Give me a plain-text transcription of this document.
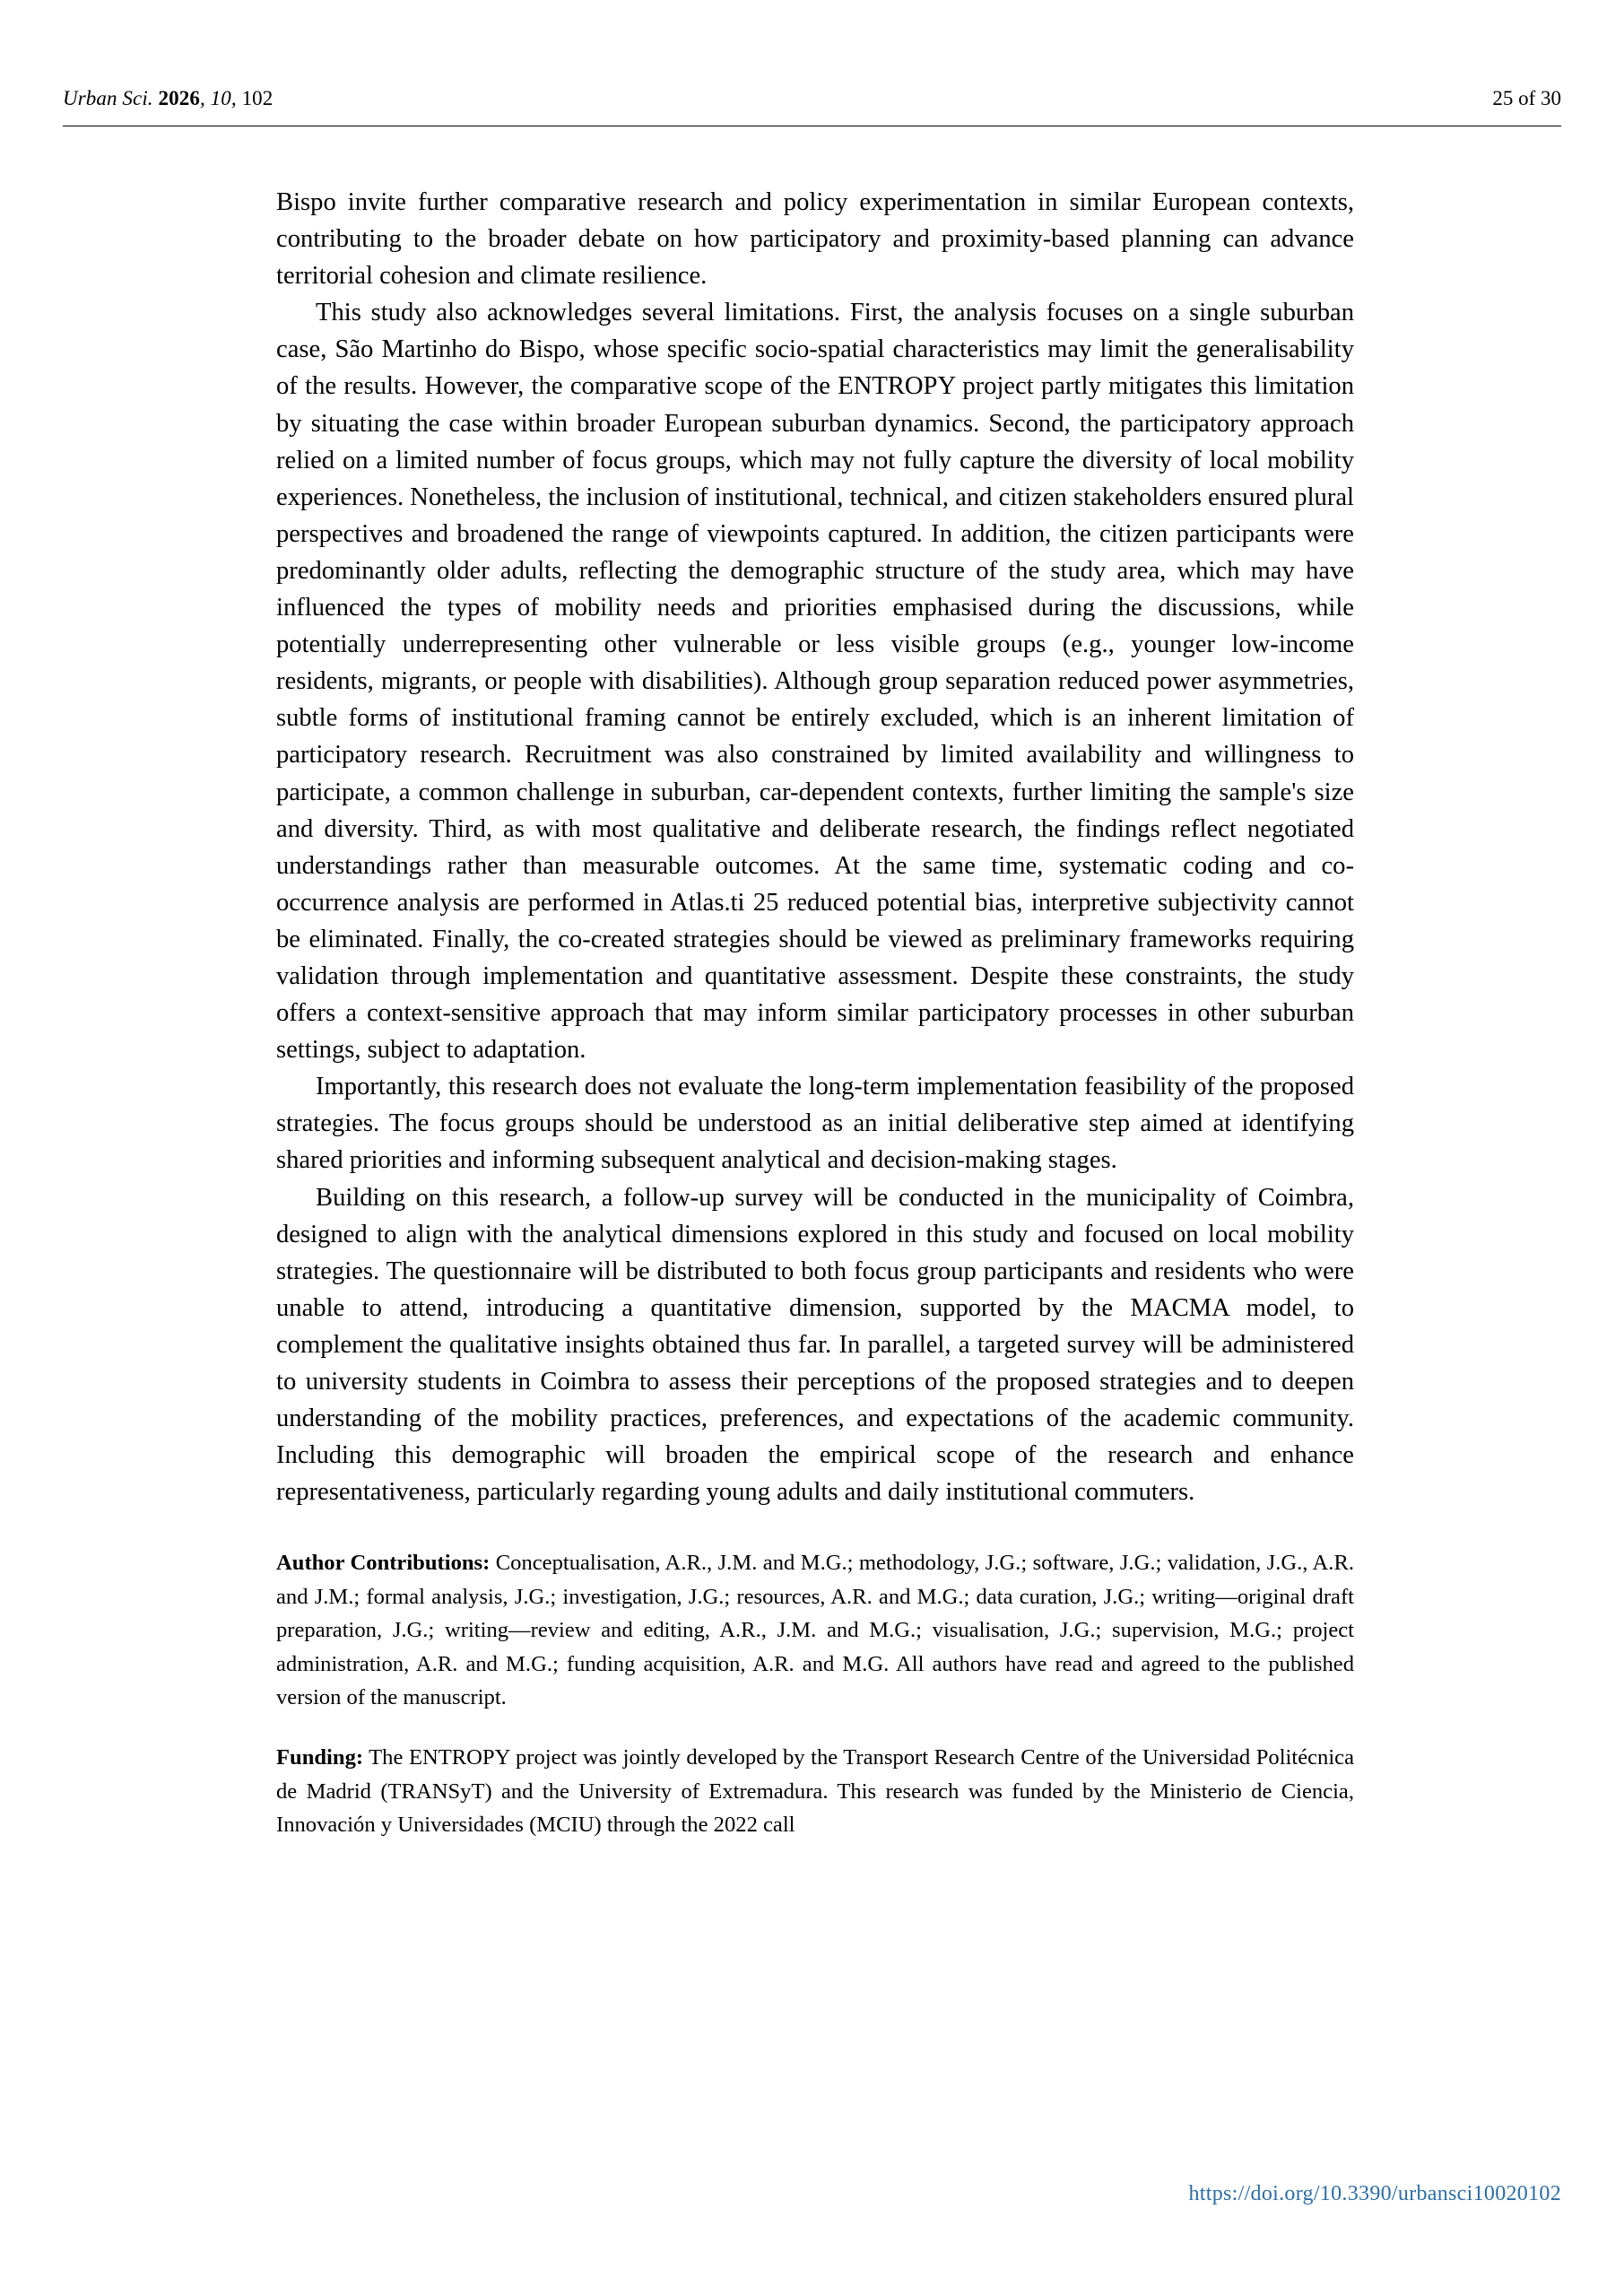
Urban Sci. 2026, 10, 102	25 of 30

Bispo invite further comparative research and policy experimentation in similar European contexts, contributing to the broader debate on how participatory and proximity-based planning can advance territorial cohesion and climate resilience.

This study also acknowledges several limitations. First, the analysis focuses on a single suburban case, São Martinho do Bispo, whose specific socio-spatial characteristics may limit the generalisability of the results. However, the comparative scope of the ENTROPY project partly mitigates this limitation by situating the case within broader European suburban dynamics. Second, the participatory approach relied on a limited number of focus groups, which may not fully capture the diversity of local mobility experiences. Nonetheless, the inclusion of institutional, technical, and citizen stakeholders ensured plural perspectives and broadened the range of viewpoints captured. In addition, the citizen participants were predominantly older adults, reflecting the demographic structure of the study area, which may have influenced the types of mobility needs and priorities emphasised during the discussions, while potentially underrepresenting other vulnerable or less visible groups (e.g., younger low-income residents, migrants, or people with disabilities). Although group separation reduced power asymmetries, subtle forms of institutional framing cannot be entirely excluded, which is an inherent limitation of participatory research. Recruitment was also constrained by limited availability and willingness to participate, a common challenge in suburban, car-dependent contexts, further limiting the sample's size and diversity. Third, as with most qualitative and deliberate research, the findings reflect negotiated understandings rather than measurable outcomes. At the same time, systematic coding and co-occurrence analysis are performed in Atlas.ti 25 reduced potential bias, interpretive subjectivity cannot be eliminated. Finally, the co-created strategies should be viewed as preliminary frameworks requiring validation through implementation and quantitative assessment. Despite these constraints, the study offers a context-sensitive approach that may inform similar participatory processes in other suburban settings, subject to adaptation.

Importantly, this research does not evaluate the long-term implementation feasibility of the proposed strategies. The focus groups should be understood as an initial deliberative step aimed at identifying shared priorities and informing subsequent analytical and decision-making stages.

Building on this research, a follow-up survey will be conducted in the municipality of Coimbra, designed to align with the analytical dimensions explored in this study and focused on local mobility strategies. The questionnaire will be distributed to both focus group participants and residents who were unable to attend, introducing a quantitative dimension, supported by the MACMA model, to complement the qualitative insights obtained thus far. In parallel, a targeted survey will be administered to university students in Coimbra to assess their perceptions of the proposed strategies and to deepen understanding of the mobility practices, preferences, and expectations of the academic community. Including this demographic will broaden the empirical scope of the research and enhance representativeness, particularly regarding young adults and daily institutional commuters.

Author Contributions: Conceptualisation, A.R., J.M. and M.G.; methodology, J.G.; software, J.G.; validation, J.G., A.R. and J.M.; formal analysis, J.G.; investigation, J.G.; resources, A.R. and M.G.; data curation, J.G.; writing—original draft preparation, J.G.; writing—review and editing, A.R., J.M. and M.G.; visualisation, J.G.; supervision, M.G.; project administration, A.R. and M.G.; funding acquisition, A.R. and M.G. All authors have read and agreed to the published version of the manuscript.

Funding: The ENTROPY project was jointly developed by the Transport Research Centre of the Universidad Politécnica de Madrid (TRANSyT) and the University of Extremadura. This research was funded by the Ministerio de Ciencia, Innovación y Universidades (MCIU) through the 2022 call

https://doi.org/10.3390/urbansci10020102
